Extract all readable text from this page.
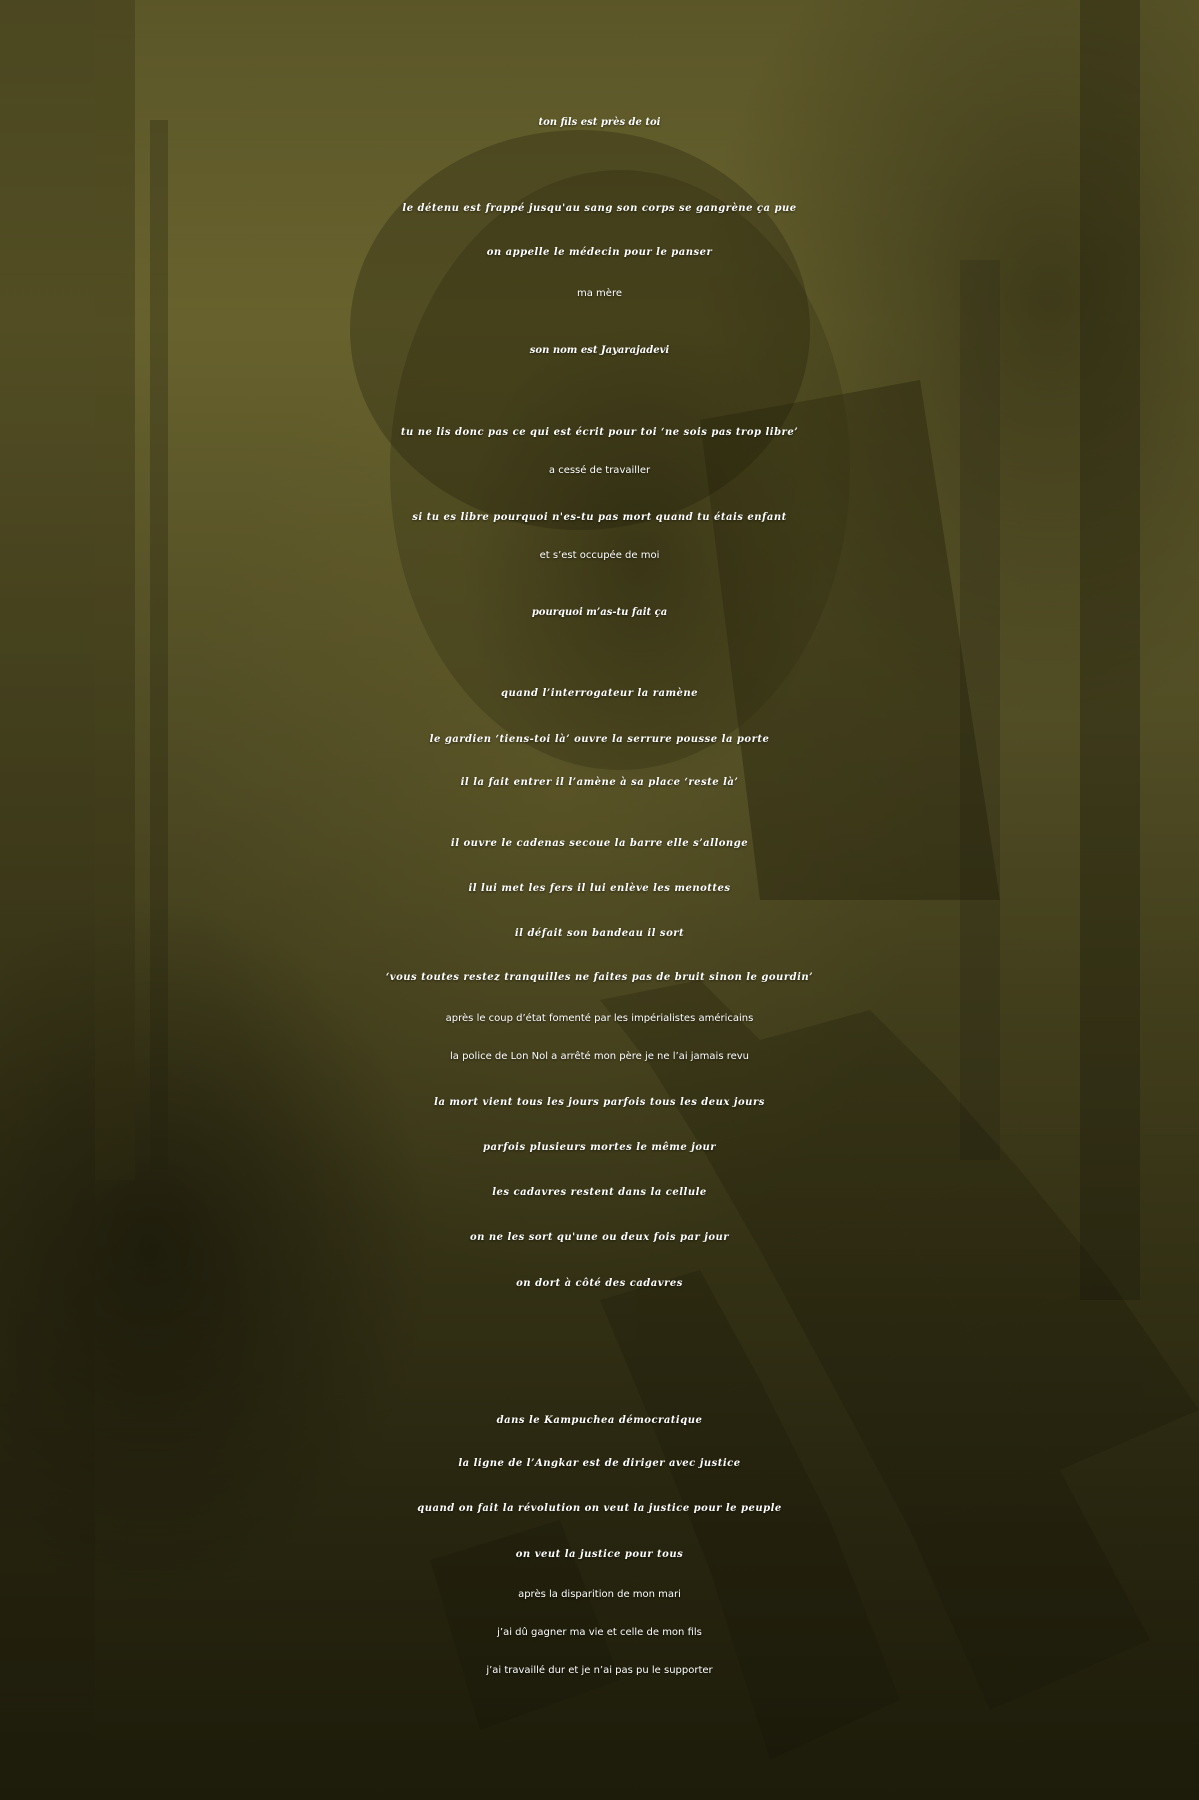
ton fils est près de toi
le détenu est frappé jusqu'au sang son corps se gangrène ça pue
on appelle le médecin pour le panser
ma mère
son nom est Jayarajadevi
tu ne lis donc pas ce qui est écrit pour toi ‘ne sois pas trop libre’
a cessé de travailler
si tu es libre pourquoi n'es-tu pas mort quand tu étais enfant
et s’est occupée de moi
pourquoi m’as-tu fait ça
quand l’interrogateur la ramène
le gardien ‘tiens-toi là’ ouvre la serrure pousse la porte
il la fait entrer il l’amène à sa place ‘reste là’
il ouvre le cadenas secoue la barre elle s’allonge
il lui met les fers il lui enlève les menottes
il défait son bandeau il sort
‘vous toutes restez tranquilles ne faites pas de bruit sinon le gourdin’
après le coup d’état fomenté par les impérialistes américains
la police de Lon Nol a arrêté mon père je ne l’ai jamais revu
la mort vient tous les jours parfois tous les deux jours
parfois plusieurs mortes le même jour
les cadavres restent dans la cellule
on ne les sort qu'une ou deux fois par jour
on dort à côté des cadavres
dans le Kampuchea démocratique
la ligne de l’Angkar est de diriger avec justice
quand on fait la révolution on veut la justice pour le peuple
on veut la justice pour tous
après la disparition de mon mari
j’ai dû gagner ma vie et celle de mon fils
j’ai travaillé dur et je n’ai pas pu le supporter
